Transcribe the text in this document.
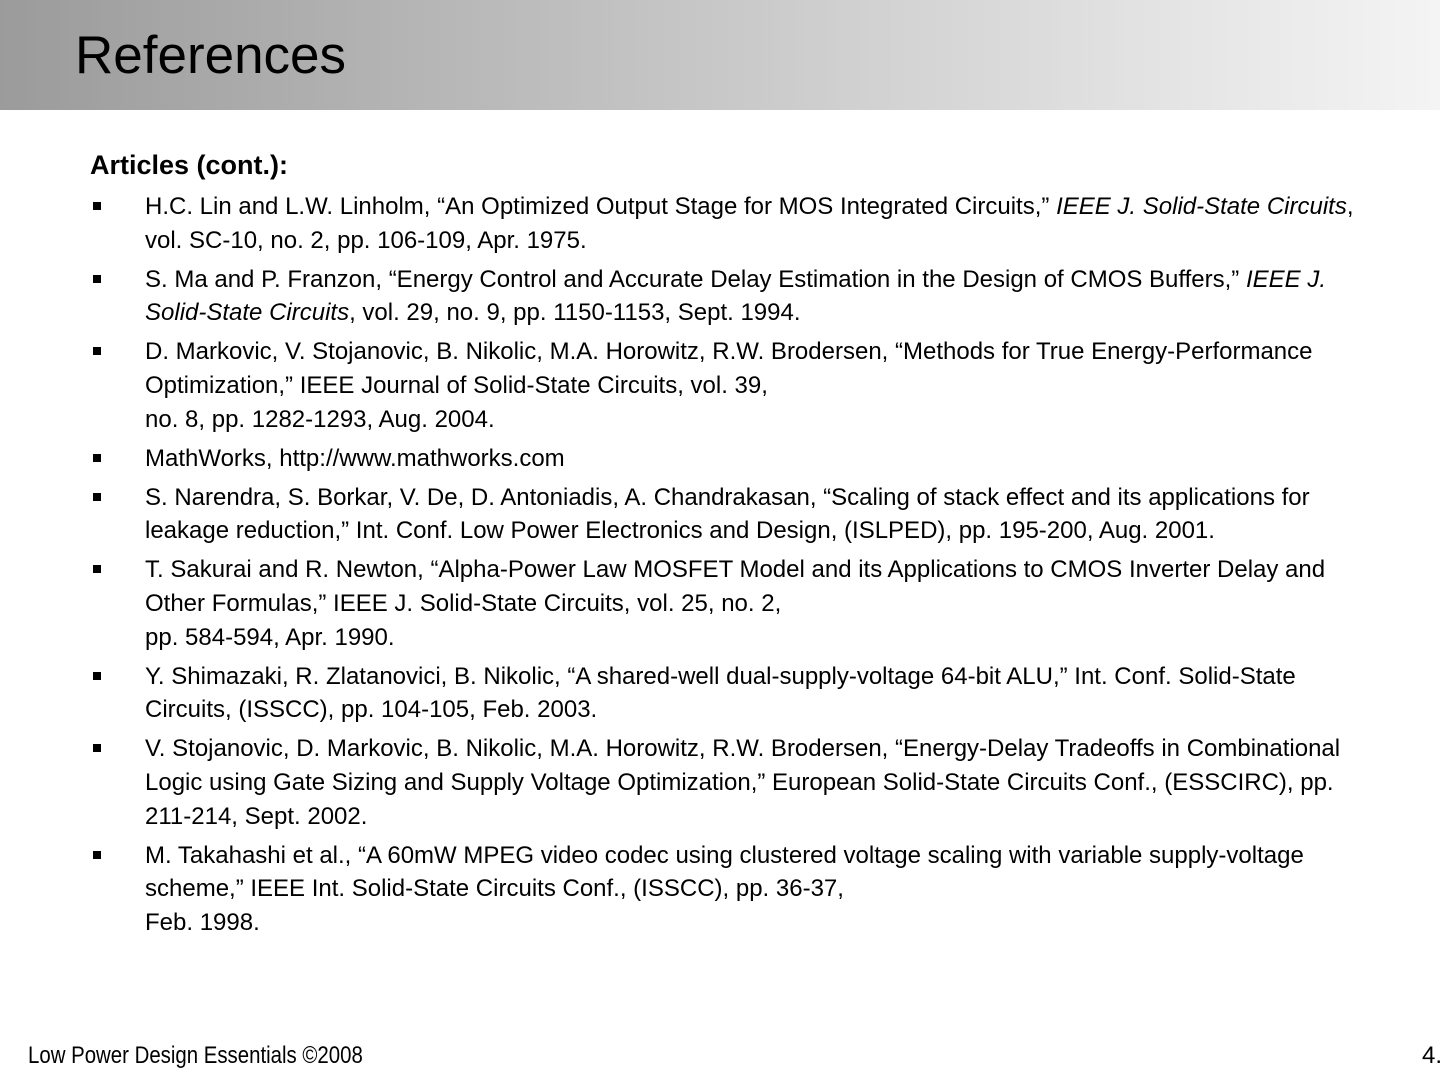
References
Articles (cont.):
H.C. Lin and L.W. Linholm, “An Optimized Output Stage for MOS Integrated Circuits,” IEEE J. Solid-State Circuits, vol. SC-10, no. 2, pp. 106-109, Apr. 1975.
S. Ma and P. Franzon, “Energy Control and Accurate Delay Estimation in the Design of CMOS Buffers,” IEEE J. Solid-State Circuits, vol. 29, no. 9, pp. 1150-1153, Sept. 1994.
D. Markovic, V. Stojanovic, B. Nikolic, M.A. Horowitz, R.W. Brodersen, “Methods for True Energy-Performance Optimization,” IEEE Journal of Solid-State Circuits, vol. 39,
no. 8, pp. 1282-1293, Aug. 2004.
MathWorks, http://www.mathworks.com
S. Narendra, S. Borkar, V. De, D. Antoniadis, A. Chandrakasan, “Scaling of stack effect and its applications for leakage reduction,” Int. Conf. Low Power Electronics and Design, (ISLPED), pp. 195-200, Aug. 2001.
T. Sakurai and R. Newton, “Alpha-Power Law MOSFET Model and its Applications to CMOS Inverter Delay and Other Formulas,” IEEE J. Solid-State Circuits, vol. 25, no. 2,
pp. 584-594, Apr. 1990.
Y. Shimazaki, R. Zlatanovici, B. Nikolic, “A shared-well dual-supply-voltage 64-bit ALU,” Int. Conf. Solid-State Circuits, (ISSCC), pp. 104-105, Feb. 2003.
V. Stojanovic, D. Markovic, B. Nikolic, M.A. Horowitz, R.W. Brodersen, “Energy-Delay Tradeoffs in Combinational Logic using Gate Sizing and Supply Voltage Optimization,” European Solid-State Circuits Conf., (ESSCIRC), pp. 211-214, Sept. 2002.
M. Takahashi et al., “A 60mW MPEG video codec using clustered voltage scaling with variable supply-voltage scheme,” IEEE Int. Solid-State Circuits Conf., (ISSCC), pp. 36-37,
Feb. 1998.
Low Power Design Essentials ©2008	4.
